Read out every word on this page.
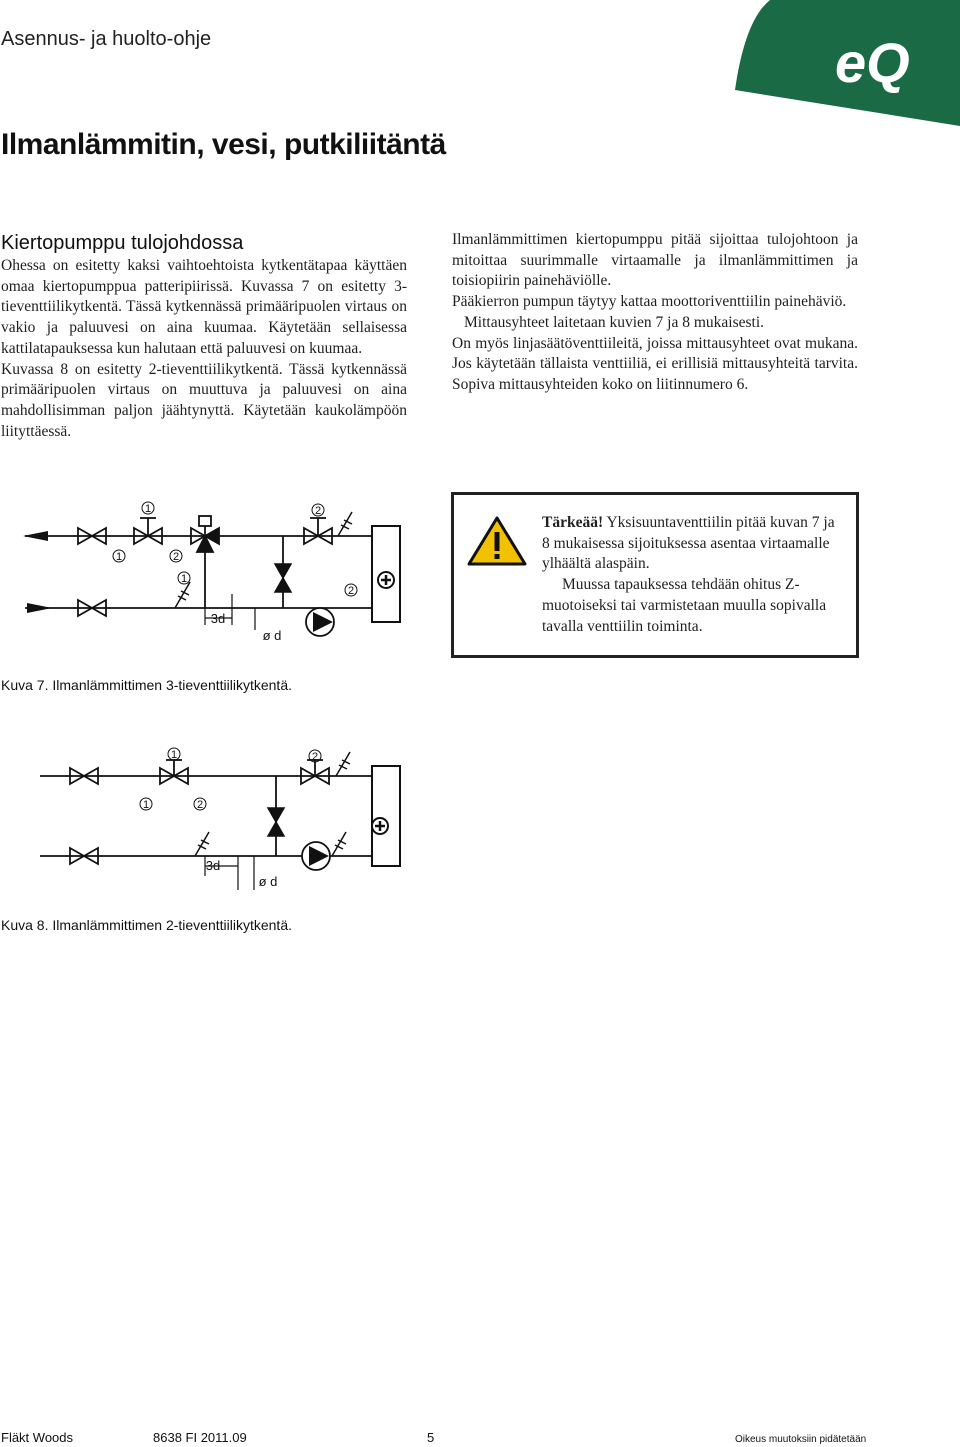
Asennus- ja huolto-ohje	eQ
Ilmanlämmitin, vesi, putkiliitäntä

Kiertopumppu tulojohdossa

Ohessa on esitetty kaksi vaihtoehtoista kytkentätapaa käyttäen omaa kiertopumppua patteripiirissä. Kuvassa 7 on esitetty 3-tieventtiilikytkentä. Tässä kytkennässä primääripuolen virtaus on vakio ja paluuvesi on aina kuumaa. Käytetään sellaisessa kattilatapauksessa kun halutaan että paluuvesi on kuumaa.

Kuvassa 8 on esitetty 2-tieventtiilikytkentä. Tässä kytkennässä primääripuolen virtaus on muuttuva ja paluuvesi on aina mahdollisimman paljon jäähtynyttä. Käytetään kaukolämpöön liityttäessä.

Ilmanlämmittimen kiertopumppu pitää sijoittaa tulojohtoon ja mitoittaa suurimmalle virtaamalle ja ilmanlämmittimen ja toisiopiirin painehäviölle.

Pääkierron pumpun täytyy kattaa moottoriventtiilin painehäviö.

Mittausyhteet laitetaan kuvien 7 ja 8 mukaisesti.

On myös linjasäätöventtiileitä, joissa mittausyhteet ovat mukana. Jos käytetään tällaista venttiiliä, ei erillisiä mittausyhteitä tarvita. Sopiva mittausyhteiden koko on liitinnumero 6.

Tärkeää! Yksisuuntaventtiilin pitää kuvan 7 ja 8 mukaisessa sijoituksessa asentaa virtaamalle ylhäältä alaspäin.
Muussa tapauksessa tehdään ohitus Z-muotoiseksi tai varmistetaan muulla sopivalla tavalla venttiilin toiminta.
1	2
1	2
1
2
3d
ø d
Kuva 7. Ilmanlämmittimen 3-tieventtiilikytkentä.
1	2
1	2
3d
ø d
Kuva 8. Ilmanlämmittimen 2-tieventtiilikytkentä.
Fläkt Woods	8638 FI 2011.09	5	Oikeus muutoksiin pidätetään
